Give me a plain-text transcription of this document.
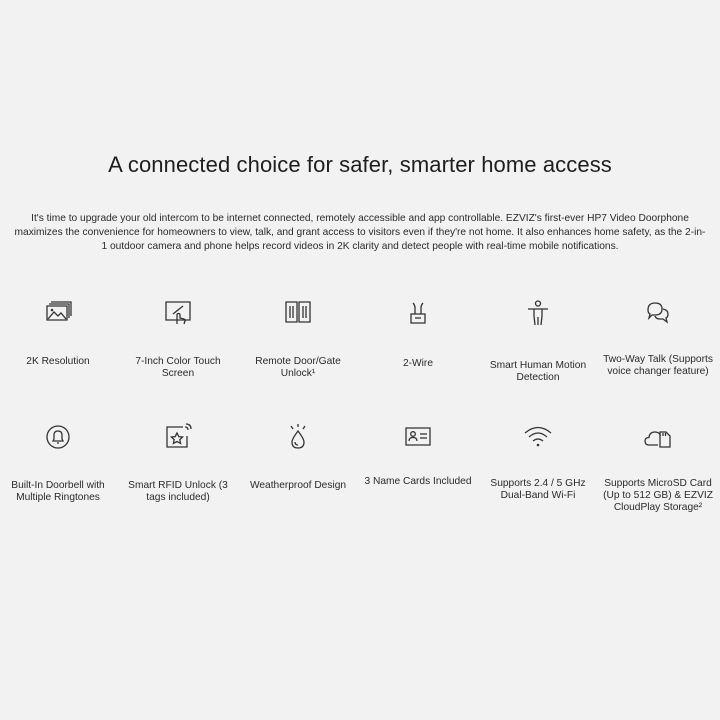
A connected choice for safer, smarter home access

It's time to upgrade your old intercom to be internet connected, remotely accessible and app controllable. EZVIZ's first-ever HP7 Video Doorphone maximizes the convenience for homeowners to view, talk, and grant access to visitors even if they're not home. It also enhances home safety, as the 2-in-1 outdoor camera and phone helps record videos in 2K clarity and detect people with real-time mobile notifications.

2K Resolution	7-Inch Color Touch Screen
Remote Door/Gate Unlock¹
2-Wire	Smart Human Motion Detection
Two-Way Talk (Supports voice changer feature)
Built-In Doorbell with Multiple Ringtones
Smart RFID Unlock (3 tags included)
Weatherproof Design	3 Name Cards Included	Supports 2.4 / 5 GHz Dual-Band Wi-Fi
Supports MicroSD Card (Up to 512 GB) & EZVIZ CloudPlay Storage²
